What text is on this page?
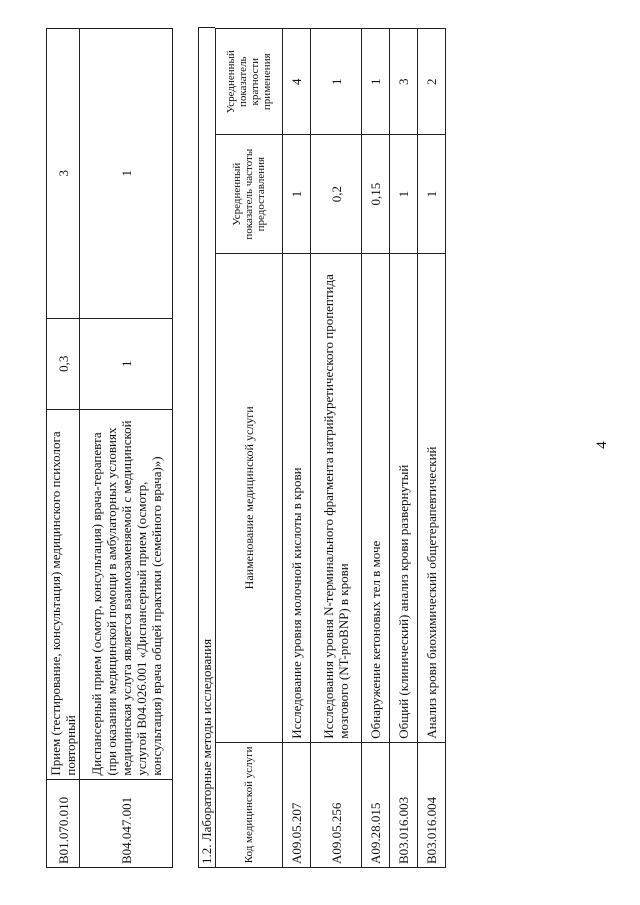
4
B01.070.010	Прием (тестирование, консультация) медицинского психолога повторный	0,3	3
B04.047.001	Диспансерный прием (осмотр, консультация) врача-терапевта (при оказании медицинской помощи в амбулаторных условиях медицинская услуга является взаимозаменяемой с медицинской услугой B04.026.001 «Диспансерный прием (осмотр, консультация) врача общей практики (семейного врача)»)	1	1
1.2. Лабораторные методы исследования	Код медицинской услуги	Наименование медицинской услуги	Усредненный показатель частоты предоставления	Усредненный показатель кратности применения
A09.05.207	Исследование уровня молочной кислоты в крови	1	4
A09.05.256	Исследования уровня N-терминального фрагмента натрийуретического пропептида мозгового (NT-proBNP) в крови	0,2	1
A09.28.015	Обнаружение кетоновых тел в моче	0,15	1
B03.016.003	Общий (клинический) анализ крови развернутый	1	3
B03.016.004	Анализ крови биохимический общетерапевтический	1	2
